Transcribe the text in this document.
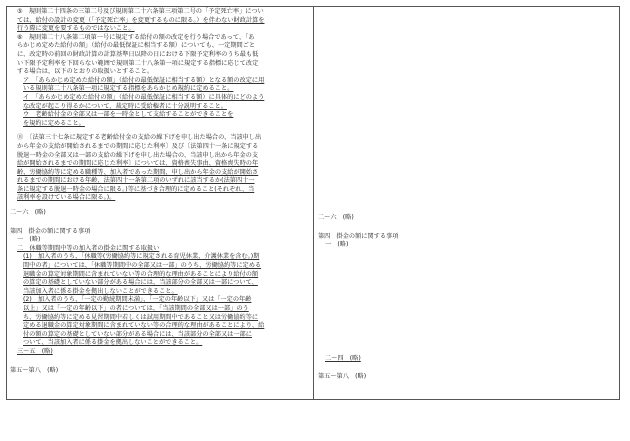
⑤　規則第二十四条の三第二号及び規則第二十六条第三項第二号の「予定死亡率」につい
ては、給付の設計の変更（「予定死亡率」を変更するものに限る。）を伴わない財政計算を
行う際に変更を要するものではないこと。
⑥　規則第二十八条第二項第一号に規定する給付の額の改定を行う場合であって、「あ
らかじめ定めた給付の額」（給付の最低保証に相当する額）についても、一定期間ごと
に、改定時の前回の財政計算の計算基準日以降の日における下限予定利率のうち最も低
い下限予定利率を下回らない範囲で規則第二十八条第一項に規定する指標に応じて改定
する場合は、以下のとおりの取扱いとすること。
ア　「あらかじめ定めた給付の額」（給付の最低保証に相当する額）となる額の改定に用
いる規則第二十八条第一項に規定する指標をあらかじめ規約に定めること。
イ　「あらかじめ定めた給付の額」（給付の最低保証に相当する額）に具体的にどのよう
な改定が起こり得るかについて、裁定時に受給権者に十分説明すること。
ウ　老齢給付金の全部又は一部を一時金として支給することができることを
を規約に定めること。
⑪　〔法第三十七条に規定する老齢給付金の支給の繰下げを申し出た場合の、当該申し出
から年金の支給が開始されるまでの期間に応じた利率〕及び〔法第四十一条に規定する
脱退一時金の全部又は一部の支給の繰下げを申し出た場合の、当該申し出から年金の支
給が開始されるまでの期間に応じた利率〕については、資格喪失事由、資格喪失時の年
齢、労働協約等に定める職種等、加入者であった期間、申し出から年金の支給が開始さ
れるまでの期間における年齢、法第四十一条第二項のいずれに該当するか(法第四十一
条に規定する脱退一時金の場合に限る。)等に基づき合理的に定めること(それぞれ、当
該利率を設けている場合に限る。)。
二～六　(略)
第四　掛金の額に関する事項
一　(略)
二　休職等期間中等の加入者の掛金に関する取扱い
(1)　加入者のうち、「休職等(労働協約等に規定される育児休業、介護休業を含む。)期
間中の者」については、「休職等期間中の全部又は一部」のうち、労働協約等に定める
退職金の算定対象期間に含まれていない等の合理的な理由があることにより給付の額
の算定の基礎としていない部分がある場合には、当該部分の全部又は一部について、
当該加入者に係る掛金を拠出しないことができること。
(2)　加入者のうち、「一定の勤続期間未満」、「一定の年齢以下」又は「一定の年齢
以上」又は「一定の年齢以下」の者については、「当該期間の全部又は一部」のう
ち、労働協約等に定める見習期間中若しくは試用期間中であること又は労働協約等に
定める退職金の算定対象期間に含まれていない等の合理的な理由があることにより、給
付の額の算定の基礎としていない部分がある場合には、当該部分の全部又は一部に
ついて、当該加入者に係る掛金を拠出しないことができること。
三～五　(略)
第五～第八　(略)
二～六　(略)
第四　掛金の額に関する事項
一　(略)
二～四　(略)
第五～第八　(略)
